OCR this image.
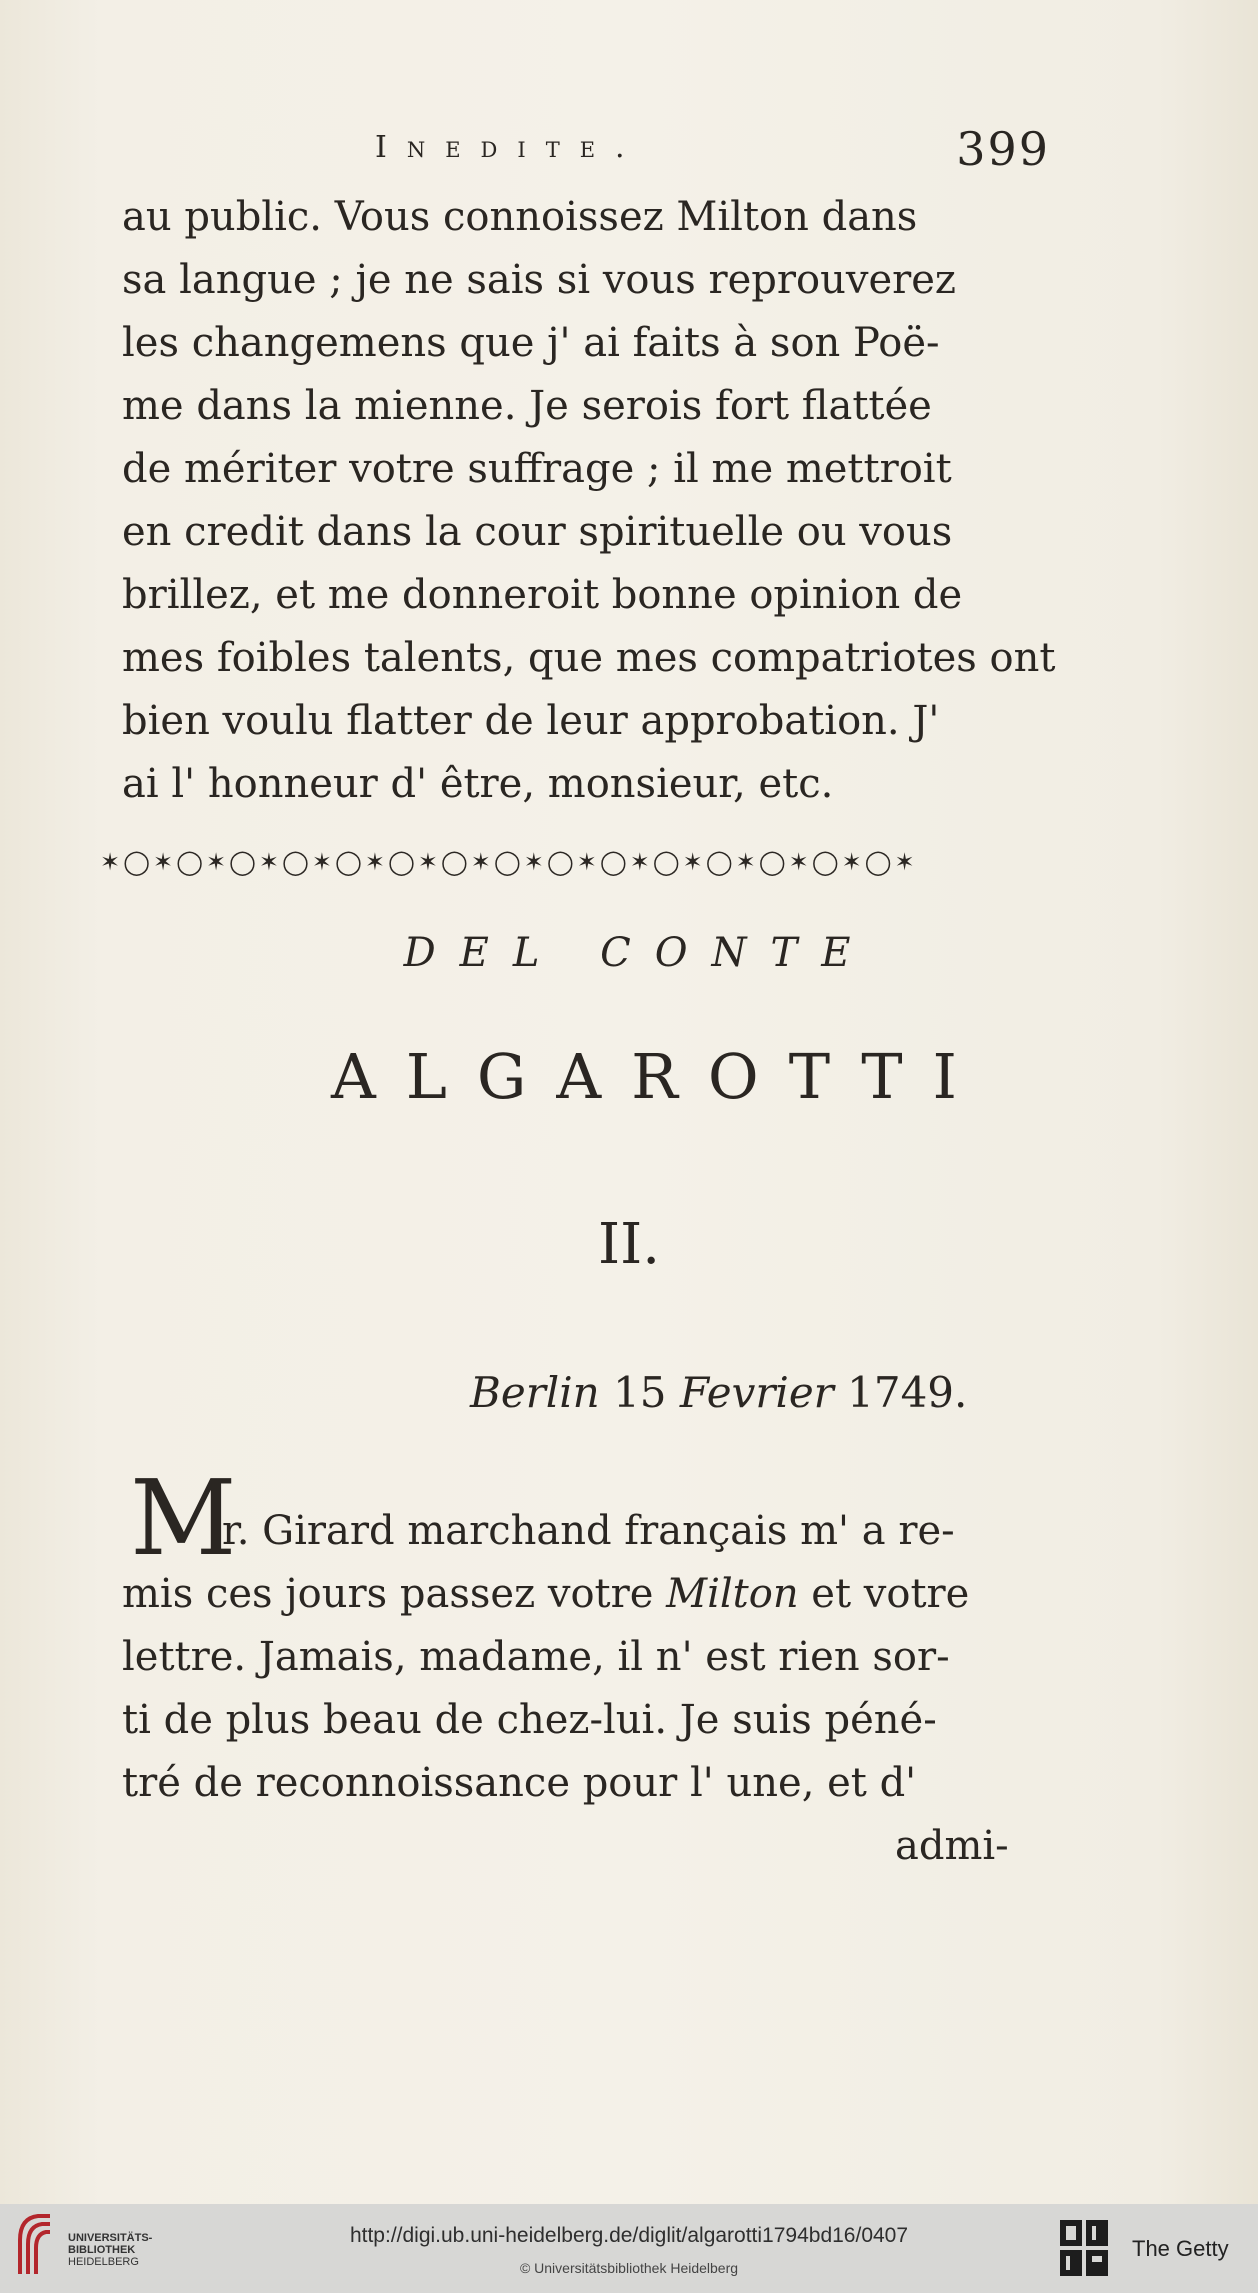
Inedite.	399
au public. Vous connoissez Milton dans
sa langue ; je ne sais si vous reprouverez
les changemens que j' ai faits à son Poë-
me dans la mienne. Je serois fort flattée
de mériter votre suffrage ; il me mettroit
en credit dans la cour spirituelle ou vous
brillez, et me donneroit bonne opinion de
mes foibles talents, que mes compatriotes ont
bien voulu flatter de leur approbation. J'
ai l' honneur d' être, monsieur, etc.
✶◯✶◯✶◯✶◯✶◯✶◯✶◯✶◯✶◯✶◯✶◯✶◯✶◯✶◯✶◯✶
DEL CONTE
ALGAROTTI
II.
Berlin 15 Fevrier 1749.
M
r. Girard marchand français m' a re-
mis ces jours passez votre Milton et votre
lettre. Jamais, madame, il n' est rien sor-
ti de plus beau de chez-lui. Je suis péné-
tré de reconnoissance pour l' une, et d'
admi-
UNIVERSITÄTS-
BIBLIOTHEK
HEIDELBERG
http://digi.ub.uni-heidelberg.de/diglit/algarotti1794bd16/0407
© Universitätsbibliothek Heidelberg
The Getty
